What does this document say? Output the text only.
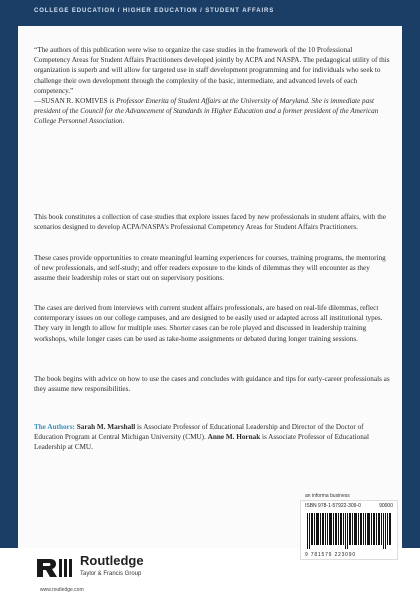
COLLEGE EDUCATION / HIGHER EDUCATION / STUDENT AFFAIRS

“The authors of this publication were wise to organize the case studies in the framework of the 10 Professional Competency Areas for Student Affairs Practitioners developed jointly by ACPA and NASPA. The pedagogical utility of this organization is superb and will allow for targeted use in staff development programming and for individuals who seek to challenge their own development through the complexity of the basic, intermediate, and advanced levels of each competency.”

—SUSAN R. KOMIVES is Professor Emerita of Student Affairs at the University of Maryland. She is immediate past president of the Council for the Advancement of Standards in Higher Education and a former president of the American College Personnel Association.

This book constitutes a collection of case studies that explore issues faced by new professionals in student affairs, with the scenarios designed to develop ACPA/NASPA’s Professional Competency Areas for Student Affairs Practitioners.

These cases provide opportunities to create meaningful learning experiences for courses, training programs, the mentoring of new professionals, and self-study; and offer readers exposure to the kinds of dilemmas they will encounter as they assume their leadership roles or start out on supervisory positions.

The cases are derived from interviews with current student affairs professionals, are based on real-life dilemmas, reflect contemporary issues on our college campuses, and are designed to be easily used or adapted across all institutional types. They vary in length to allow for multiple uses. Shorter cases can be role played and discussed in leadership training workshops, while longer cases can be used as take-home assignments or debated during longer training sessions.

The book begins with advice on how to use the cases and concludes with guidance and tips for early-career professionals as they assume new responsibilities.

The Authors: Sarah M. Marshall is Associate Professor of Educational Leadership and Director of the Doctor of Education Program at Central Michigan University (CMU). Anne M. Hornak is Associate Professor of Educational Leadership at CMU.

an informa business
ISBN 978-1-57922-309-0	90000
9 781579 223090
Routledge
Taylor & Francis Group
www.routledge.com
